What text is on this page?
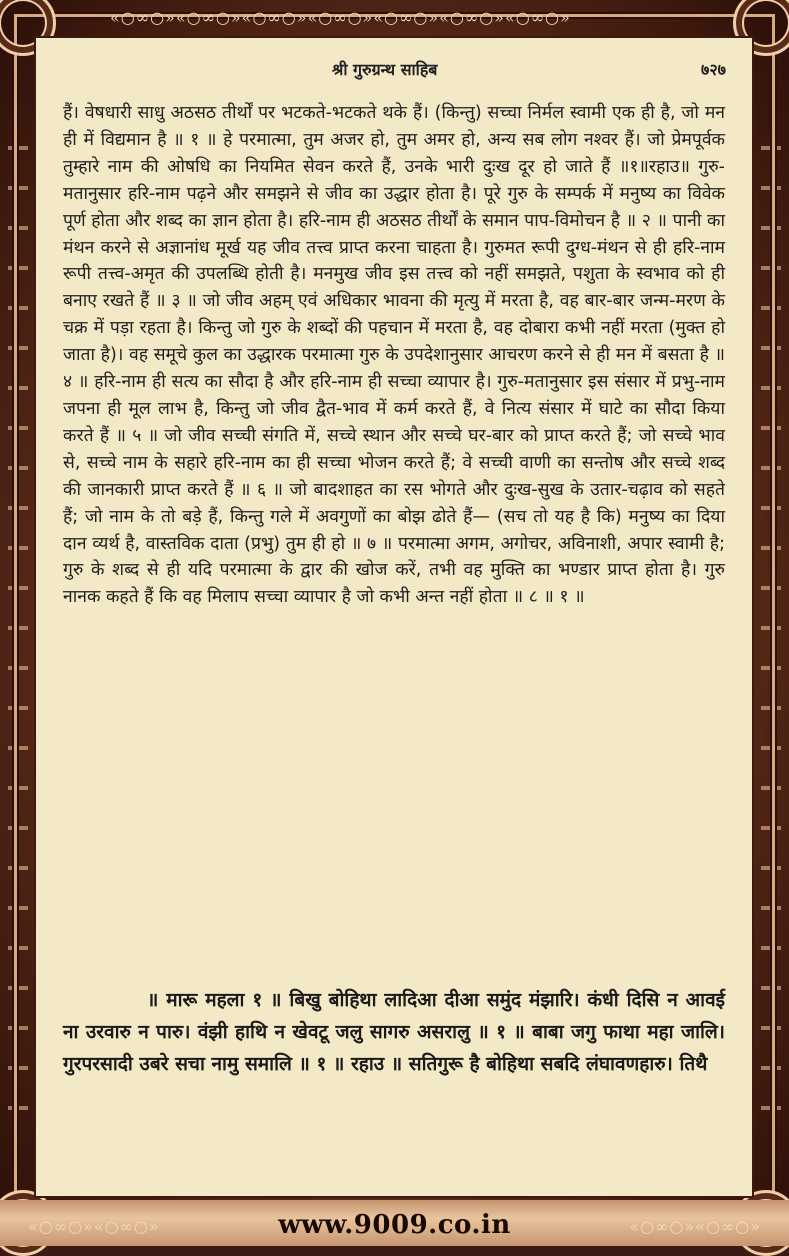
«○∞○»«○∞○»«○∞○»«○∞○»«○∞○»«○∞○»«○∞○»
श्री गुरुग्रन्थ साहिब	७२७
हैं। वेषधारी साधु अठसठ तीर्थों पर भटकते-भटकते थके हैं। (किन्तु) सच्चा निर्मल स्वामी एक ही है, जो मन ही में विद्यमान है ॥ १ ॥ हे परमात्मा, तुम अजर हो, तुम अमर हो, अन्य सब लोग नश्वर हैं। जो प्रेमपूर्वक तुम्हारे नाम की ओषधि का नियमित सेवन करते हैं, उनके भारी दुःख दूर हो जाते हैं ॥१॥रहाउ॥ गुरु-मतानुसार हरि-नाम पढ़ने और समझने से जीव का उद्धार होता है। पूरे गुरु के सम्पर्क में मनुष्य का विवेक पूर्ण होता और शब्द का ज्ञान होता है। हरि-नाम ही अठसठ तीर्थों के समान पाप-विमोचन है ॥ २ ॥ पानी का मंथन करने से अज्ञानांध मूर्ख यह जीव तत्त्व प्राप्त करना चाहता है। गुरुमत रूपी दुग्ध-मंथन से ही हरि-नाम रूपी तत्त्व-अमृत की उपलब्धि होती है। मनमुख जीव इस तत्त्व को नहीं समझते, पशुता के स्वभाव को ही बनाए रखते हैं ॥ ३ ॥ जो जीव अहम् एवं अधिकार भावना की मृत्यु में मरता है, वह बार-बार जन्म-मरण के चक्र में पड़ा रहता है। किन्तु जो गुरु के शब्दों की पहचान में मरता है, वह दोबारा कभी नहीं मरता (मुक्त हो जाता है)। वह समूचे कुल का उद्धारक परमात्मा गुरु के उपदेशानुसार आचरण करने से ही मन में बसता है ॥ ४ ॥ हरि-नाम ही सत्य का सौदा है और हरि-नाम ही सच्चा व्यापार है। गुरु-मतानुसार इस संसार में प्रभु-नाम जपना ही मूल लाभ है, किन्तु जो जीव द्वैत-भाव में कर्म करते हैं, वे नित्य संसार में घाटे का सौदा किया करते हैं ॥ ५ ॥ जो जीव सच्ची संगति में, सच्चे स्थान और सच्चे घर-बार को प्राप्त करते हैं; जो सच्चे भाव से, सच्चे नाम के सहारे हरि-नाम का ही सच्चा भोजन करते हैं; वे सच्ची वाणी का सन्तोष और सच्चे शब्द की जानकारी प्राप्त करते हैं ॥ ६ ॥ जो बादशाहत का रस भोगते और दुःख-सुख के उतार-चढ़ाव को सहते हैं; जो नाम के तो बड़े हैं, किन्तु गले में अवगुणों का बोझ ढोते हैं— (सच तो यह है कि) मनुष्य का दिया दान व्यर्थ है, वास्तविक दाता (प्रभु) तुम ही हो ॥ ७ ॥ परमात्मा अगम, अगोचर, अविनाशी, अपार स्वामी है; गुरु के शब्द से ही यदि परमात्मा के द्वार की खोज करें, तभी वह मुक्ति का भण्डार प्राप्त होता है। गुरु नानक कहते हैं कि वह मिलाप सच्चा व्यापार है जो कभी अन्त नहीं होता ॥ ८ ॥ १ ॥
॥ मारू महला १ ॥ बिखु बोहिथा लादिआ दीआ समुंद मंझारि। कंधी दिसि न आवई ना उरवारु न पारु। वंझी हाथि न खेवटू जलु सागरु असरालु ॥ १ ॥ बाबा जगु फाथा महा जालि। गुरपरसादी उबरे सचा नामु समालि ॥ १ ॥ रहाउ ॥ सतिगुरू है बोहिथा सबदि लंघावणहारु। तिथै
«○∞○»«○∞○»	«○∞○»«○∞○»
www.9009.co.in
